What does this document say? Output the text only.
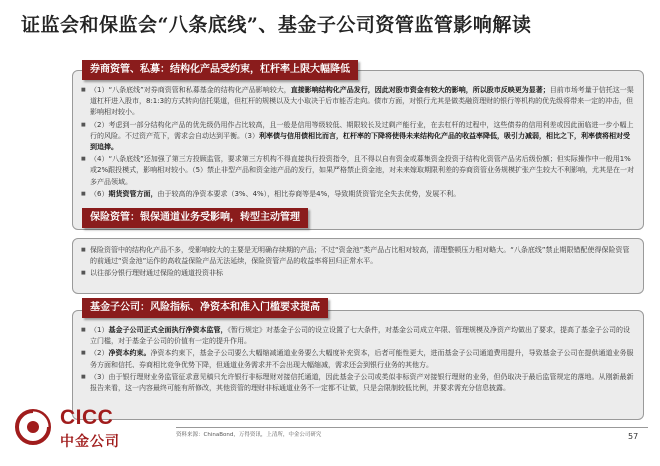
证监会和保监会“八条底线”、基金子公司资管监管影响解读
■ （1）“八条底线”对券商资管和私募基金的结构化产品影响较大，直接影响结构化产品发行，因此对股市资金有较大的影响，所以股市反映更为显著；目前市场考量于信托这一渠道杠杆进入股市，8:1:3的方式转向信托渠道，但杠杆的规模以及大小取决于后市能否走向。债市方面，对银行尤其是做类融资理财的银行等机构的优先级将带来一定的冲击，但影响相对较小。
■ （2）考虑到一部分结构化产品的优先级仍用作占比较高，且一般是信用等级较低、期限较长及过剩产能行业，在去杠杆的过程中，这些债券的信用利差或因此面临进一步小幅上行的风险。不过资产荒下，需求会自动达到平衡。（3）利率债与信用债相比而言，杠杆率的下降将使得未来结构化产品的收益率降低，吸引力减弱，相比之下，利率债将相对受到追捧。
■ （4）“八条底线”还加强了第三方投顾监管，要求第三方机构不得直接执行投资指令，且不得以自有资金或募集资金投资于结构化资管产品劣后级份额；但实际操作中一般用1%或2%跟投模式，影响相对较小。（5）禁止非型产品和资金池产品的发行，如果严格禁止资金池，对未来嫁取期限利差的券商资管业务规模扩张产生较大不利影响，尤其是在一对多产品领域。
■ （6）期货资管方面，由于较高的净资本要求（3%、4%），相比券商等是4%，导致期货资管完全失去优势，发展不利。
券商资管、私募：结构化产品受约束，杠杆率上限大幅降低
■ 保险资管中的结构化产品不多，受影响较大的主要是无明确存续期的产品；不过“资金池”类产品占比相对较高，清理整顿压力相对略大。“八条底线”禁止期限错配使得保险资管的前通过“资金池”运作的高收益保险产品无法延续，保险资管产品的收益率将回归正常水平。
■ 以往部分银行理财通过保险的通道投资非标
保险资管：银保通道业务受影响，转型主动管理
■ （1）基金子公司正式全面执行净资本监管，《暂行规定》对基金子公司的设立设置了七大条件，对基金公司成立年限、管理规模及净资产均做出了要求，提高了基金子公司的设立门槛，对于基金子公司的价值有一定的提升作用。
■ （2）净资本约束。净资本约束下，基金子公司要么大幅缩减通道业务要么大幅度补充资本，后者可能性更大，进而基金子公司通道费用提升，导致基金子公司在提供通道业务服务方面和信托、券商相比竞争优势下降，但通道业务需求并不会出现大幅缩减，需求还会到银行业务的其他方。
■ （3）由于银行理财业务监管征求意见稿只允许银行非标理财对接信托通道，因此基金子公司或类似非标资产对接银行理财的业务，但仍取决于最后监管规定的落地。从刚新最新报告来看，这一内容最终可能有所修改，其他资管的理财非标通道业务不一定都不让做，只是会限制较低比例，并要求需充分信息披露。
基金子公司：风险指标、净资本和准入门槛要求提高
资料来源：ChinaBond，万得资讯，上清所，中金公司研究	57
CICC
中金公司
